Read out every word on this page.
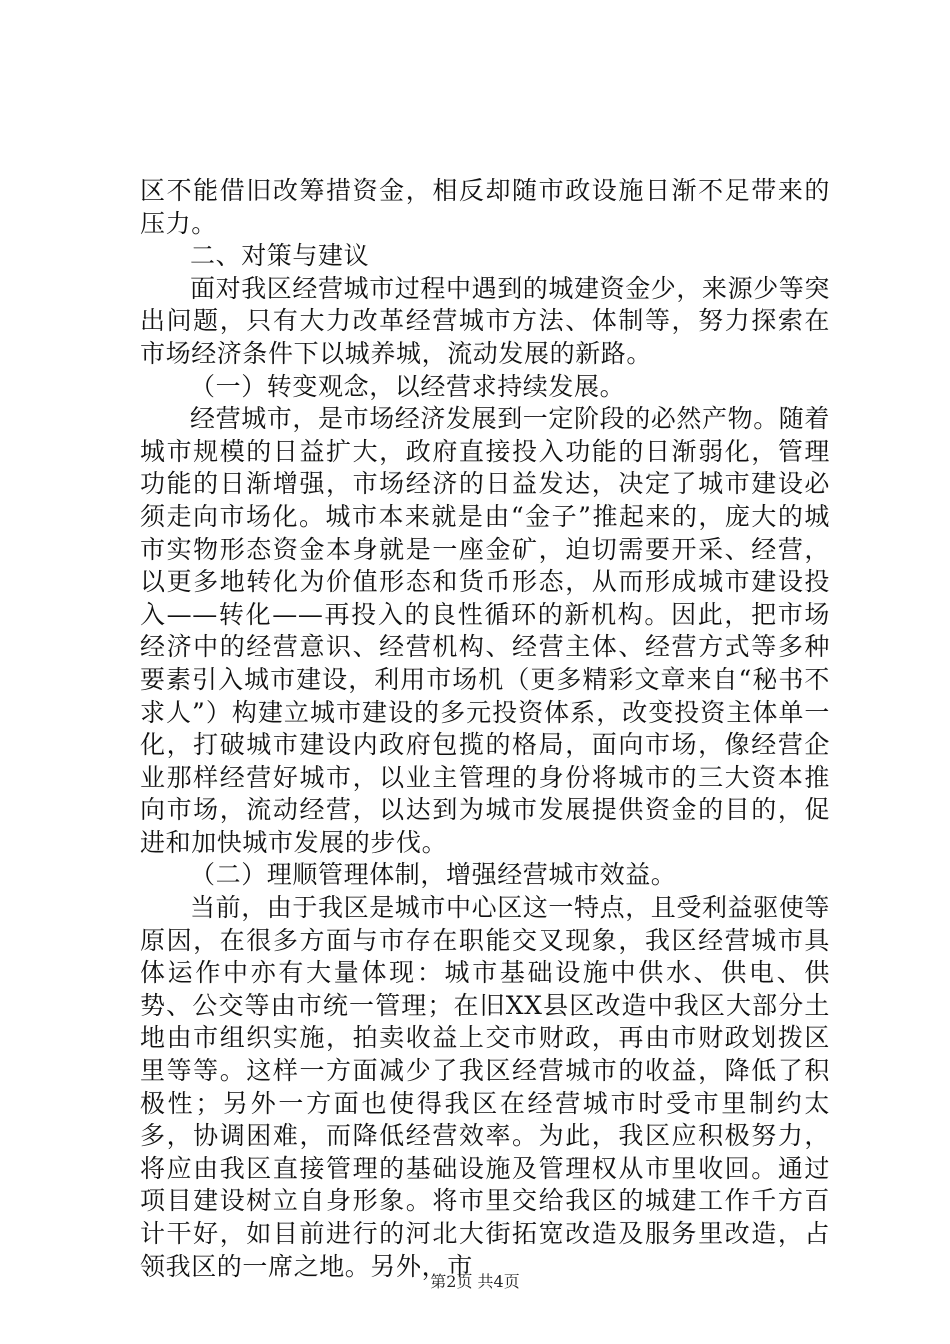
区不能借旧改筹措资金，相反却随市政设施日渐不足带来的压力。

二、对策与建议

面对我区经营城市过程中遇到的城建资金少，来源少等突出问题，只有大力改革经营城市方法、体制等，努力探索在市场经济条件下以城养城，流动发展的新路。

（一）转变观念，以经营求持续发展。

经营城市，是市场经济发展到一定阶段的必然产物。随着城市规模的日益扩大，政府直接投入功能的日渐弱化，管理功能的日渐增强，市场经济的日益发达，决定了城市建设必须走向市场化。城市本来就是由“金子”推起来的，庞大的城市实物形态资金本身就是一座金矿，迫切需要开采、经营，以更多地转化为价值形态和货币形态，从而形成城市建设投入——转化——再投入的良性循环的新机构。因此，把市场经济中的经营意识、经营机构、经营主体、经营方式等多种要素引入城市建设，利用市场机（更多精彩文章来自“秘书不求人”）构建立城市建设的多元投资体系，改变投资主体单一化，打破城市建设内政府包揽的格局，面向市场，像经营企业那样经营好城市，以业主管理的身份将城市的三大资本推向市场，流动经营，以达到为城市发展提供资金的目的，促进和加快城市发展的步伐。

（二）理顺管理体制，增强经营城市效益。

当前，由于我区是城市中心区这一特点，且受利益驱使等原因，在很多方面与市存在职能交叉现象，我区经营城市具体运作中亦有大量体现：城市基础设施中供水、供电、供势、公交等由市统一管理；在旧XX县区改造中我区大部分土地由市组织实施，拍卖收益上交市财政，再由市财政划拨区里等等。这样一方面减少了我区经营城市的收益，降低了积极性；另外一方面也使得我区在经营城市时受市里制约太多，协调困难，而降低经营效率。为此，我区应积极努力，将应由我区直接管理的基础设施及管理权从市里收回。通过项目建设树立自身形象。将市里交给我区的城建工作千方百计干好，如目前进行的河北大街拓宽改造及服务里改造，占领我区的一席之地。另外，市

第2页 共4页
